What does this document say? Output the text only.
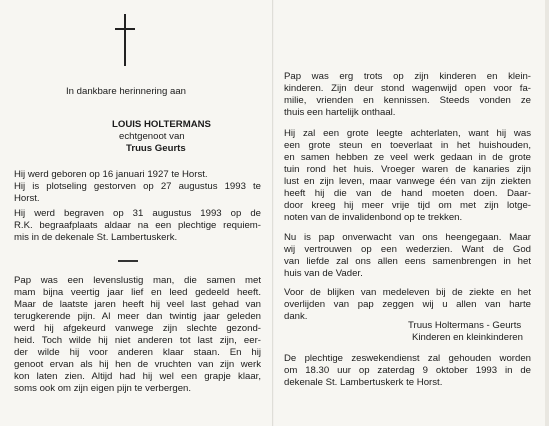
In dankbare herinnering aan

LOUIS HOLTERMANS

echtgenoot van

Truus Geurts

Hij werd geboren op 16 januari 1927 te Horst.

Hij is plotseling gestorven op 27 augustus 1993 te

Horst.

Hij werd begraven op 31 augustus 1993 op de

R.K. begraafplaats aldaar na een plechtige requiem-

mis in de dekenale St. Lambertuskerk.

Pap was een levenslustig man, die samen met

mam bijna veertig jaar lief en leed gedeeld heeft.

Maar de laatste jaren heeft hij veel last gehad van

terugkerende pijn. Al meer dan twintig jaar geleden

werd hij afgekeurd vanwege zijn slechte gezond-

heid. Toch wilde hij niet anderen tot last zijn, eer-

der wilde hij voor anderen klaar staan. En hij

genoot ervan als hij hen de vruchten van zijn werk

kon laten zien. Altijd had hij wel een grapje klaar,

soms ook om zijn eigen pijn te verbergen.

Pap was erg trots op zijn kinderen en klein-

kinderen. Zijn deur stond wagenwijd open voor fa-

milie, vrienden en kennissen. Steeds vonden ze

thuis een hartelijk onthaal.

Hij zal een grote leegte achterlaten, want hij was

een grote steun en toeverlaat in het huishouden,

en samen hebben ze veel werk gedaan in de grote

tuin rond het huis. Vroeger waren de kanaries zijn

lust en zijn leven, maar vanwege één van zijn ziekten

heeft hij die van de hand moeten doen. Daar-

door kreeg hij meer vrije tijd om met zijn lotge-

noten van de invalidenbond op te trekken.

Nu is pap onverwacht van ons heengegaan. Maar

wij vertrouwen op een wederzien. Want de God

van liefde zal ons allen eens samenbrengen in het

huis van de Vader.

Voor de blijken van medeleven bij de ziekte en het

overlijden van pap zeggen wij u allen van harte

dank.

Truus Holtermans - Geurts

Kinderen en kleinkinderen

De plechtige zeswekendienst zal gehouden worden

om 18.30 uur op zaterdag 9 oktober 1993 in de

dekenale St. Lambertuskerk te Horst.
